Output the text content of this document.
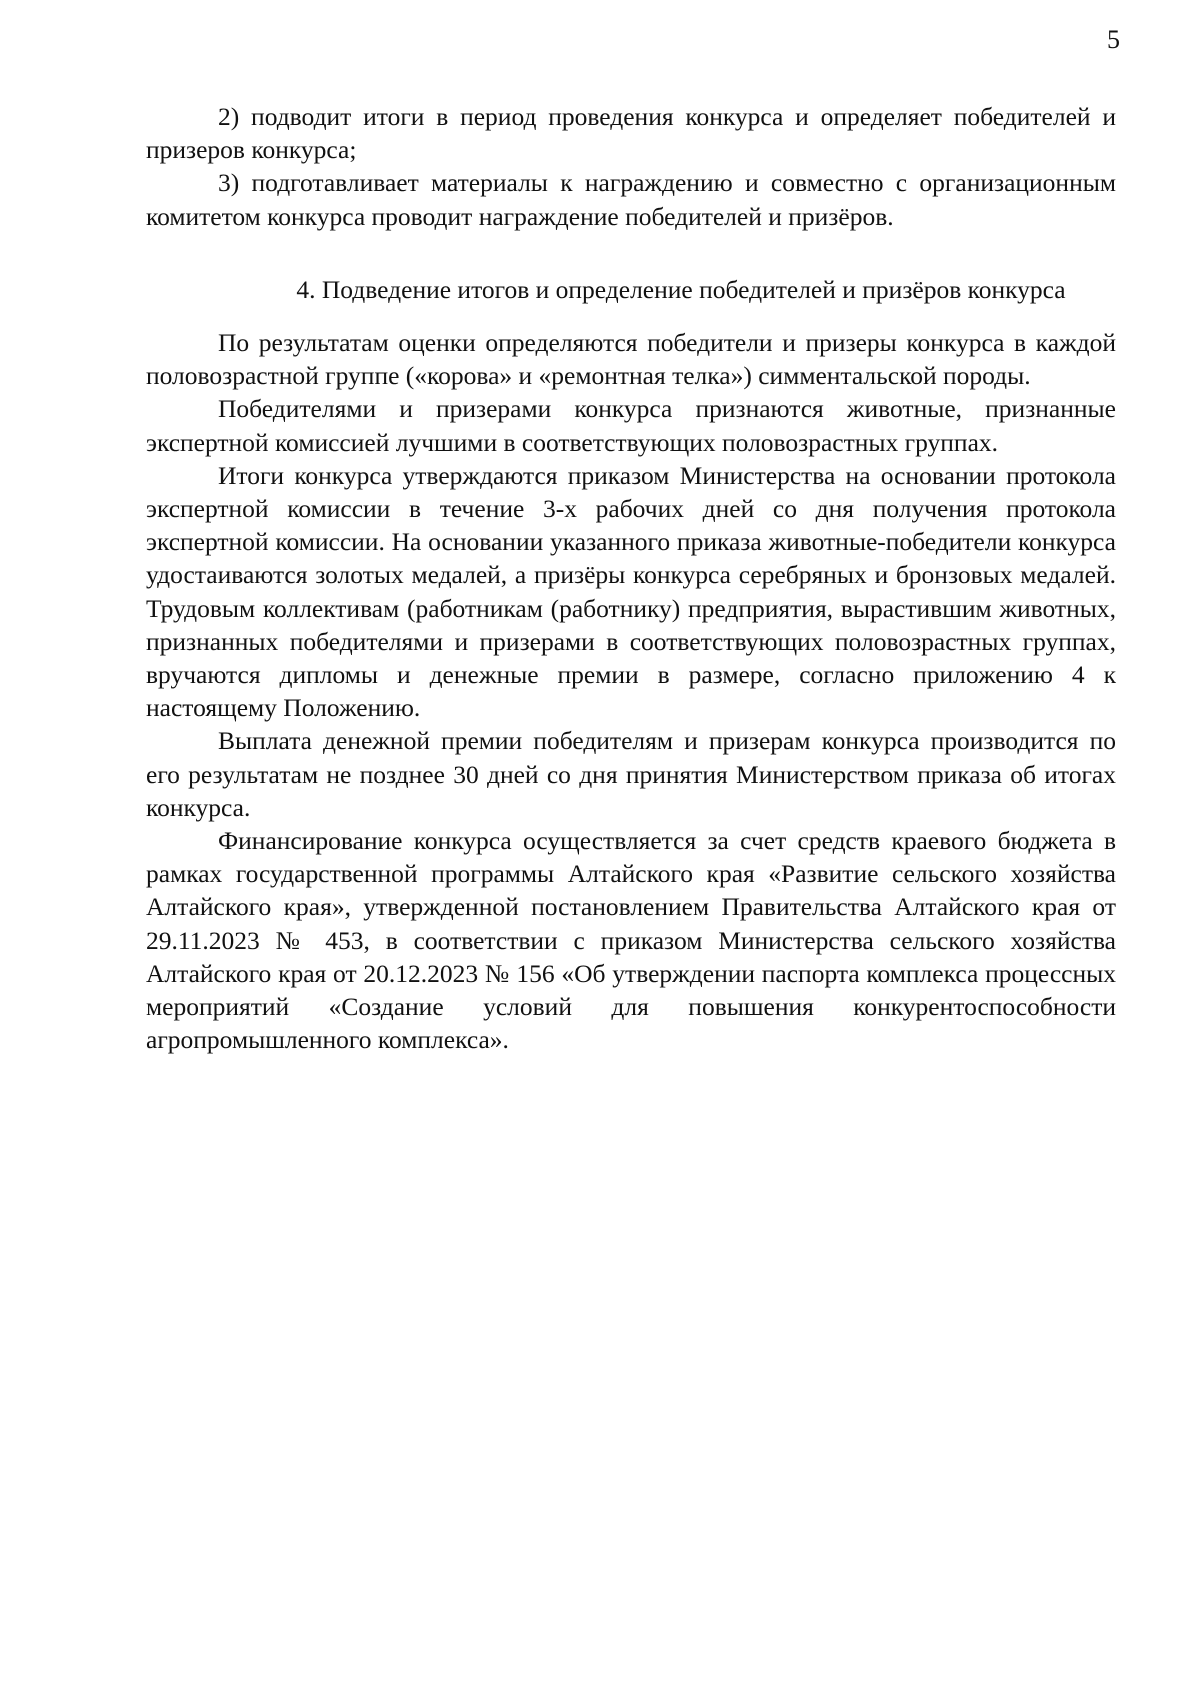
5

2) подводит итоги в период проведения конкурса и определяет победителей и призеров конкурса;

3) подготавливает материалы к награждению и совместно с организационным комитетом конкурса проводит награждение победителей и призёров.

4. Подведение итогов и определение победителей и призёров конкурса

По результатам оценки определяются победители и призеры конкурса в каждой половозрастной группе («корова» и «ремонтная телка») симментальской породы.

Победителями и призерами конкурса признаются животные, признанные экспертной комиссией лучшими в соответствующих половозрастных группах.

Итоги конкурса утверждаются приказом Министерства на основании протокола экспертной комиссии в течение 3-х рабочих дней со дня получения протокола экспертной комиссии. На основании указанного приказа животные-победители конкурса удостаиваются золотых медалей, а призёры конкурса серебряных и бронзовых медалей. Трудовым коллективам (работникам (работнику) предприятия, вырастившим животных, признанных победителями и призерами в соответствующих половозрастных группах, вручаются дипломы и денежные премии в размере, согласно приложению 4 к настоящему Положению.

Выплата денежной премии победителям и призерам конкурса производится по его результатам не позднее 30 дней со дня принятия Министерством приказа об итогах конкурса.

Финансирование конкурса осуществляется за счет средств краевого бюджета в рамках государственной программы Алтайского края «Развитие сельского хозяйства Алтайского края», утвержденной постановлением Правительства Алтайского края от 29.11.2023 № 453, в соответствии с приказом Министерства сельского хозяйства Алтайского края от 20.12.2023 № 156 «Об утверждении паспорта комплекса процессных мероприятий «Создание условий для повышения конкурентоспособности агропромышленного комплекса».
